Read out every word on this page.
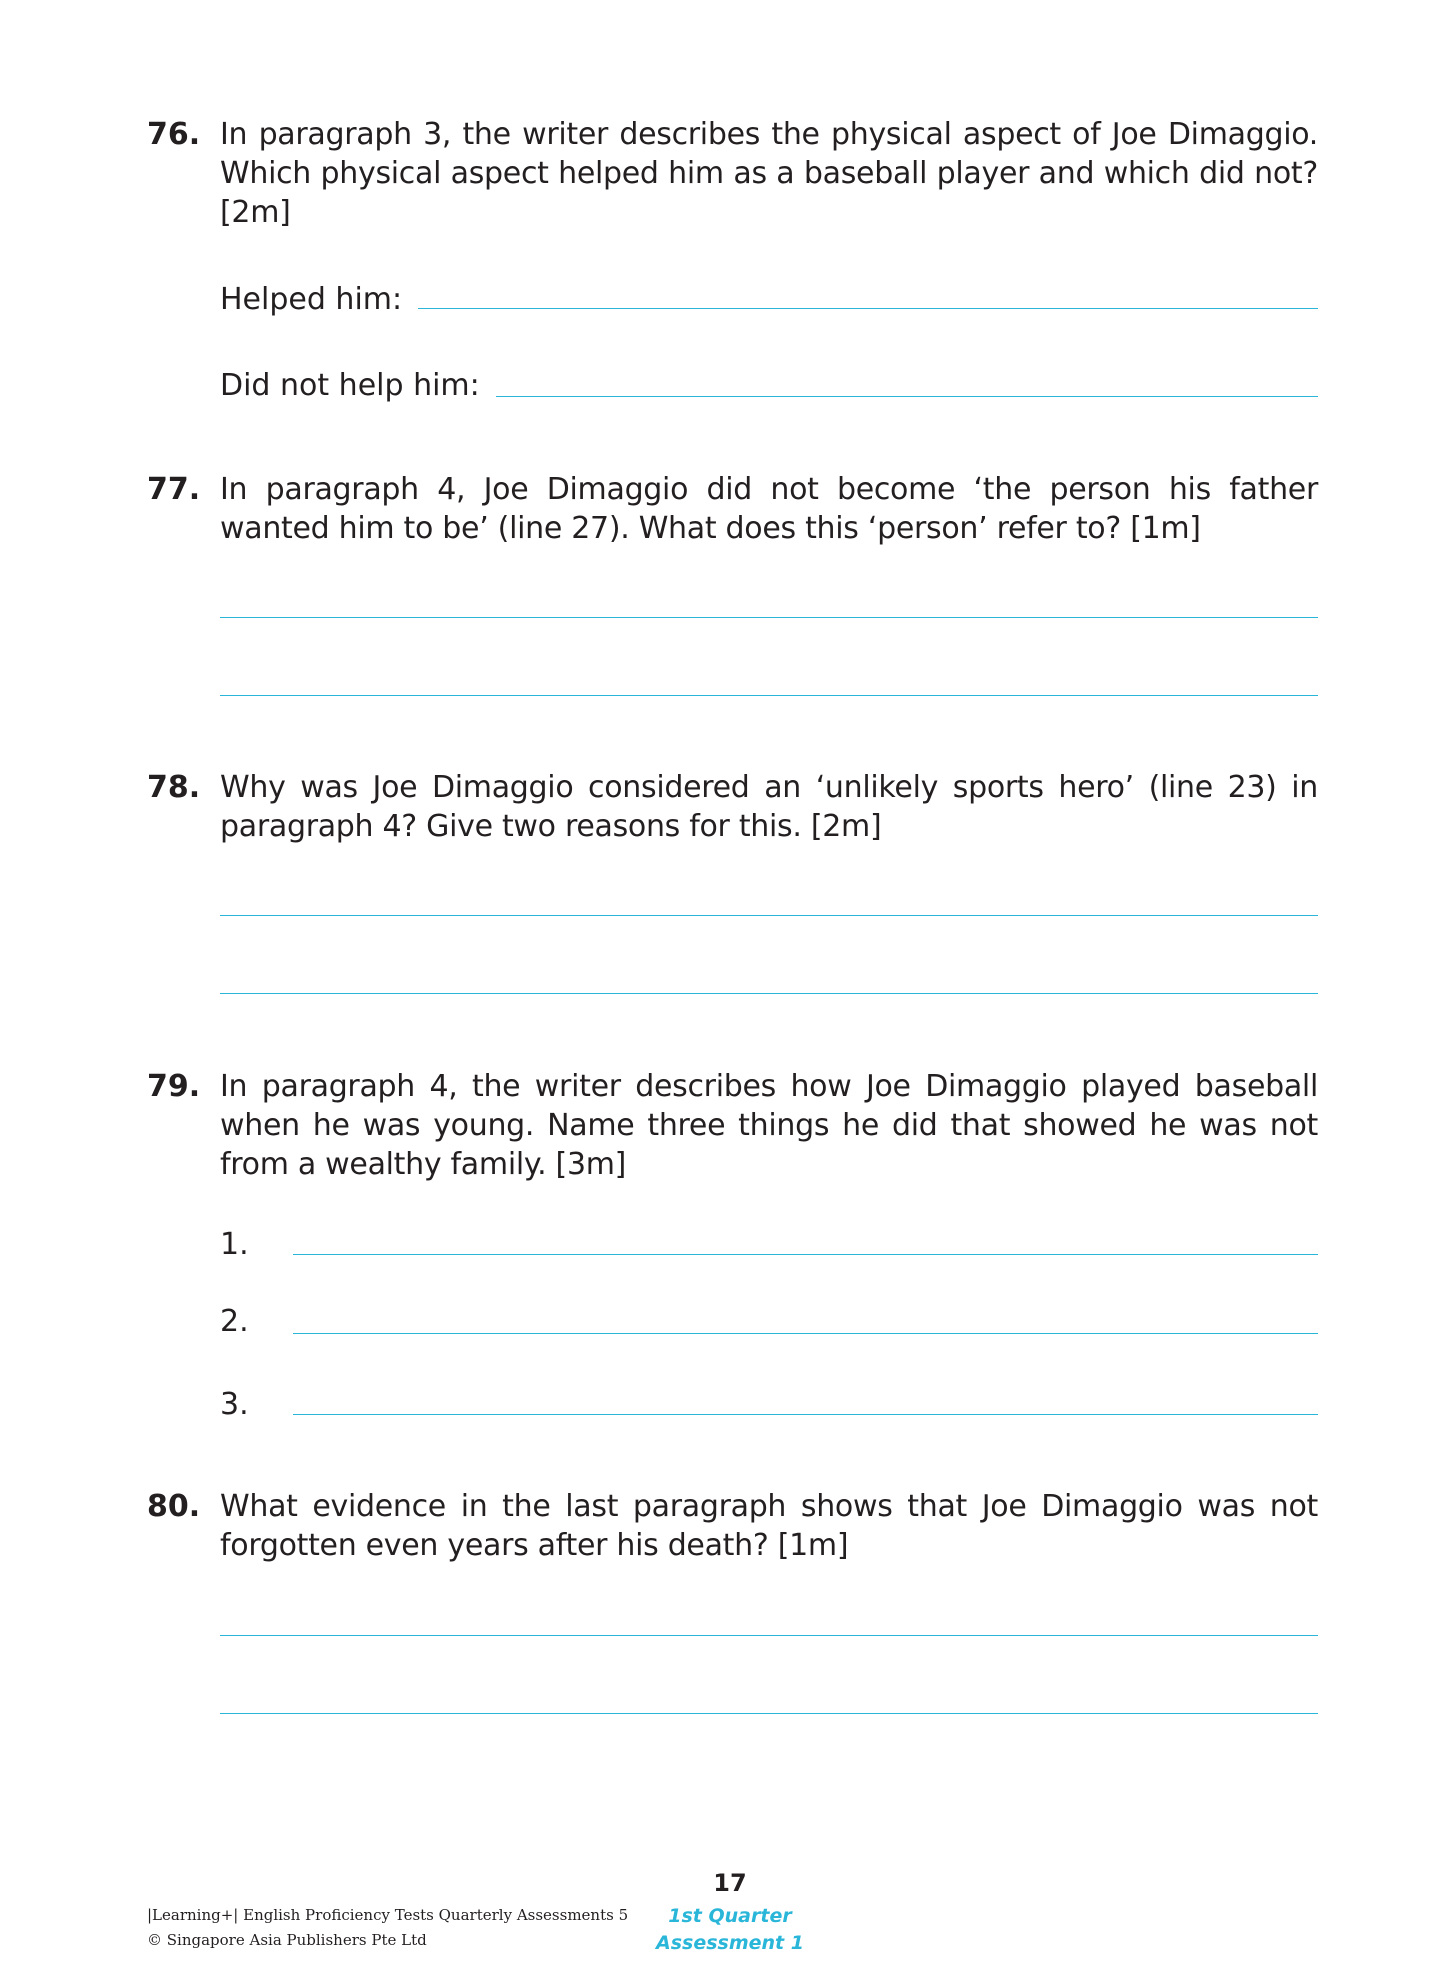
76. In paragraph 3, the writer describes the physical aspect of Joe Dimaggio. Which physical aspect helped him as a baseball player and which did not? [2m]
Helped him:
Did not help him:
77. In paragraph 4, Joe Dimaggio did not become ‘the person his father wanted him to be’ (line 27). What does this ‘person’ refer to? [1m]
78. Why was Joe Dimaggio considered an ‘unlikely sports hero’ (line 23) in paragraph 4? Give two reasons for this. [2m]
79. In paragraph 4, the writer describes how Joe Dimaggio played baseball when he was young. Name three things he did that showed he was not from a wealthy family. [3m]
1.
2.
3.
80. What evidence in the last paragraph shows that Joe Dimaggio was not forgotten even years after his death? [1m]
17
|Learning+| English Proficiency Tests Quarterly Assessments 5
© Singapore Asia Publishers Pte Ltd
1st Quarter
Assessment 1
